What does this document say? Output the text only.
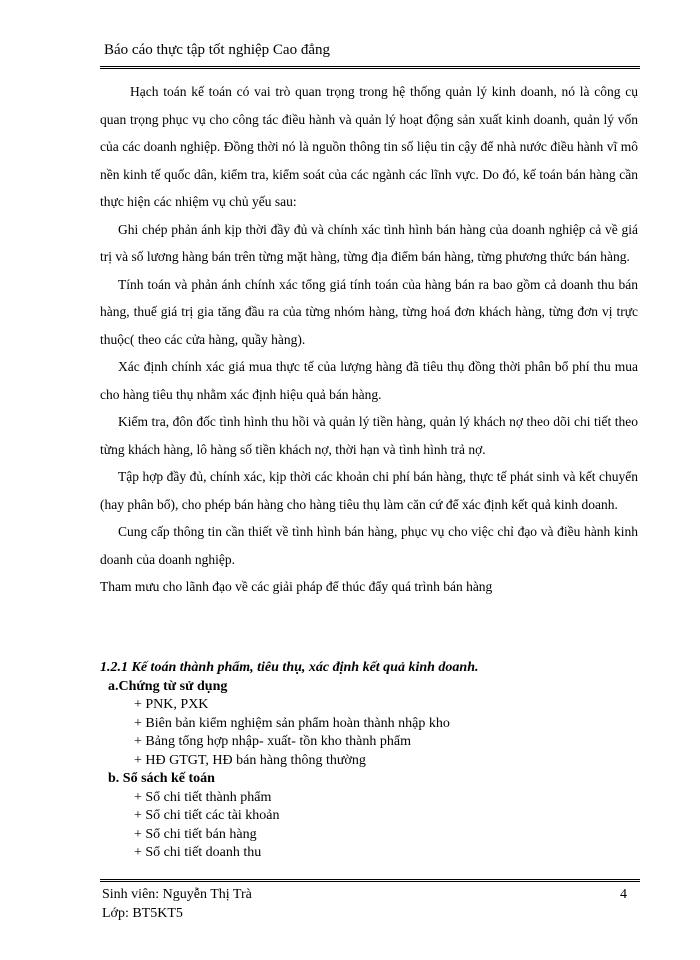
Báo cáo thực tập tốt nghiệp Cao đẳng

Hạch toán kế toán có vai trò quan trọng trong hệ thống quản lý kinh doanh, nó là công cụ quan trọng phục vụ cho công tác điều hành và quản lý hoạt động sản xuất kinh doanh, quản lý vốn của các doanh nghiệp. Đồng thời nó là nguồn thông tin số liệu tin cậy để nhà nước điều hành vĩ mô nền kinh tế quốc dân, kiểm tra, kiểm soát của các ngành các lĩnh vực. Do đó, kế toán bán hàng cần thực hiện các nhiệm vụ chủ yếu sau:

Ghi chép phản ánh kịp thời đầy đủ và chính xác tình hình bán hàng của doanh nghiệp cả về giá trị và số lương hàng bán trên từng mặt hàng, từng địa điểm bán hàng, từng phương thức bán hàng.

Tính toán và phản ánh chính xác tổng giá tính toán của hàng bán ra bao gồm cả doanh thu bán hàng, thuế giá trị gia tăng đầu ra của từng nhóm hàng, từng hoá đơn khách hàng, từng đơn vị trực thuộc( theo các cửa hàng, quầy hàng).

Xác định chính xác giá mua thực tế của lượng hàng đã tiêu thụ đồng thời phân bổ phí thu mua cho hàng tiêu thụ nhằm xác định hiệu quả bán hàng.

Kiểm tra, đôn đốc tình hình thu hồi và quản lý tiền hàng, quản lý khách nợ theo dõi chi tiết theo từng khách hàng, lô hàng số tiền khách nợ, thời hạn và tình hình trả nợ.

Tập hợp đầy đủ, chính xác, kịp thời các khoản chi phí bán hàng, thực tế phát sinh và kết chuyển (hay phân bổ), cho phép bán hàng cho hàng tiêu thụ làm căn cứ để xác định kết quả kinh doanh.

Cung cấp thông tin cần thiết về tình hình bán hàng, phục vụ cho việc chỉ đạo và điều hành kinh doanh của doanh nghiệp.

Tham mưu cho lãnh đạo về các giải pháp để thúc đẩy quá trình bán hàng

1.2.1 Kế toán thành phẩm, tiêu thụ, xác định kết quả kinh doanh.

a.Chứng từ sử dụng

+ PNK, PXK

+ Biên bản kiểm nghiệm sản phẩm hoàn thành nhập kho

+ Bảng tổng hợp nhập- xuất- tồn kho thành phẩm

+ HĐ GTGT, HĐ bán hàng thông thường

b. Sổ sách kế toán

+ Sổ chi tiết thành phẩm

+ Sổ chi tiết các tài khoản

+ Sổ chi tiết bán hàng

+ Sổ chi tiết doanh thu

Sinh viên: Nguyễn Thị Trà
Lớp: BT5KT5
4
